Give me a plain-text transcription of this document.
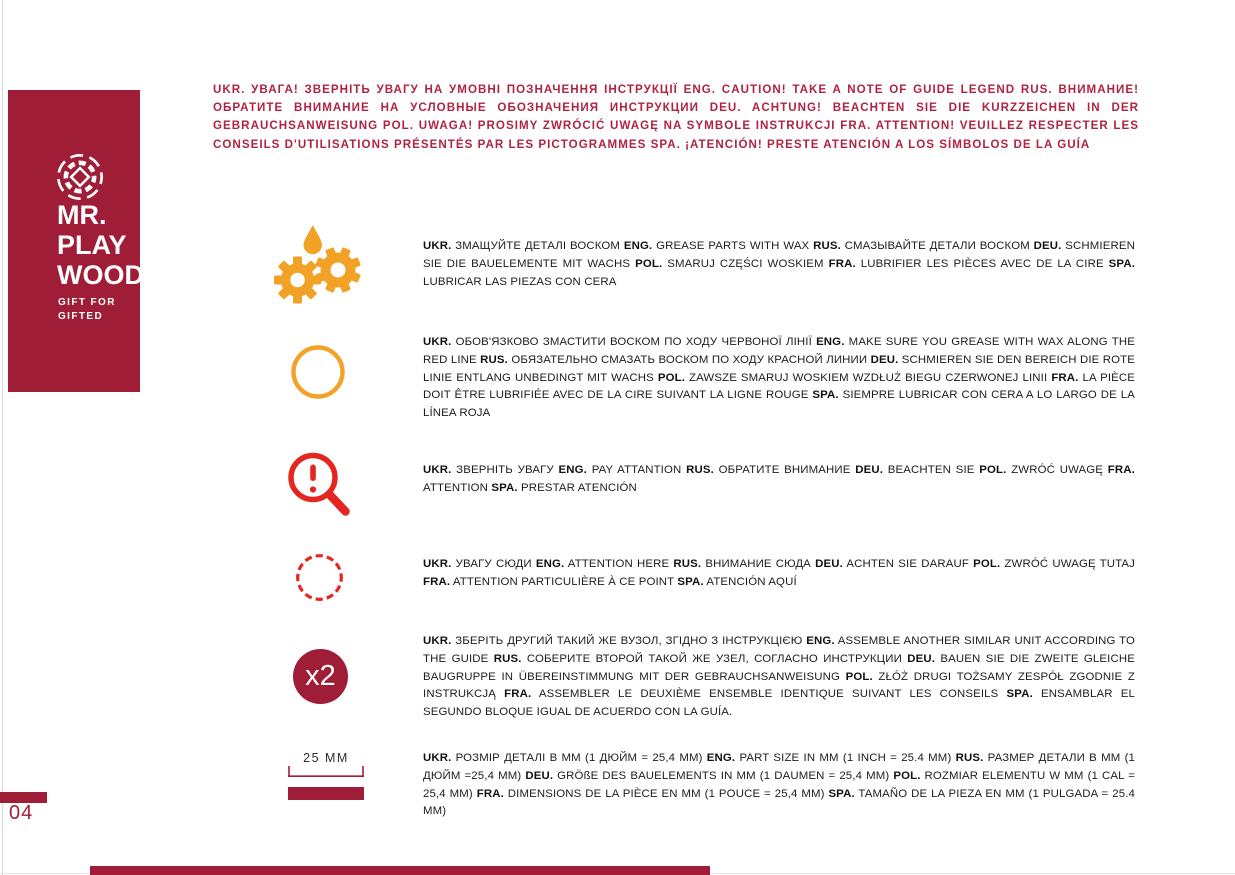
MR.
PLAY
WOOD
GIFT FOR
GIFTED

UKR. УВАГА! ЗВЕРНІТЬ УВАГУ НА УМОВНІ ПОЗНАЧЕННЯ ІНСТРУКЦІЇ ENG. CAUTION! TAKE A NOTE OF GUIDE LEGEND RUS. ВНИМАНИЕ! ОБРАТИТЕ ВНИМАНИЕ НА УСЛОВНЫЕ ОБОЗНАЧЕНИЯ ИНСТРУКЦИИ DEU. ACHTUNG! BEACHTEN SIE DIE KURZZEICHEN IN DER GEBRAUCHSANWEISUNG POL. UWAGA! PROSIMY ZWRÓCIĆ UWAGĘ NA SYMBOLE INSTRUKCJI FRA. ATTENTION! VEUILLEZ RESPECTER LES CONSEILS D'UTILISATIONS PRÉSENTÉS PAR LES PICTOGRAMMES SPA. ¡ATENCIÓN! PRESTE ATENCIÓN A LOS SÍMBOLOS DE LA GUÍA

UKR. ЗМАЩУЙТЕ ДЕТАЛІ ВОСКОМ ENG. GREASE PARTS WITH WAX RUS. СМАЗЫВАЙТЕ ДЕТАЛИ ВОСКОМ DEU. SCHMIEREN SIE DIE BAUELEMENTE MIT WACHS POL. SMARUJ CZĘŚCI WOSKIEM FRA. LUBRIFIER LES PIÈCES AVEC DE LA CIRE SPA. LUBRICAR LAS PIEZAS CON CERA

UKR. ОБОВ'ЯЗКОВО ЗМАСТИТИ ВОСКОМ ПО ХОДУ ЧЕРВОНОЇ ЛІНІЇ ENG. MAKE SURE YOU GREASE WITH WAX ALONG THE RED LINE RUS. ОБЯЗАТЕЛЬНО СМАЗАТЬ ВОСКОМ ПО ХОДУ КРАСНОЙ ЛИНИИ DEU. SCHMIEREN SIE DEN BEREICH DIE ROTE LINIE ENTLANG UNBEDINGT MIT WACHS POL. ZAWSZE SMARUJ WOSKIEM WZDŁUŻ BIEGU CZERWONEJ LINII FRA. LA PIÈCE DOIT ÊTRE LUBRIFIÉE AVEC DE LA CIRE SUIVANT LA LIGNE ROUGE SPA. SIEMPRE LUBRICAR CON CERA A LO LARGO DE LA LÍNEA ROJA

UKR. ЗВЕРНІТЬ УВАГУ ENG. PAY ATTANTION RUS. ОБРАТИТЕ ВНИМАНИЕ DEU. BEACHTEN SIE POL. ZWRÓĆ UWAGĘ FRA. ATTENTION SPA. PRESTAR ATENCIÓN

UKR. УВАГУ СЮДИ ENG. ATTENTION HERE RUS. ВНИМАНИЕ СЮДА DEU. ACHTEN SIE DARAUF POL. ZWRÓĆ UWAGĘ TUTAJ FRA. ATTENTION PARTICULIÈRE À CE POINT SPA. ATENCIÓN AQUÍ

x2

UKR. ЗБЕРІТЬ ДРУГИЙ ТАКИЙ ЖЕ ВУЗОЛ, ЗГІДНО З ІНСТРУКЦІЄЮ ENG. ASSEMBLE ANOTHER SIMILAR UNIT ACCORDING TO THE GUIDE RUS. СОБЕРИТЕ ВТОРОЙ ТАКОЙ ЖЕ УЗЕЛ, СОГЛАСНО ИНСТРУКЦИИ DEU. BAUEN SIE DIE ZWEITE GLEICHE BAUGRUPPE IN ÜBEREINSTIMMUNG MIT DER GEBRAUCHSANWEISUNG POL. ZŁÓŻ DRUGI TOŻSAMY ZESPÓŁ ZGODNIE Z INSTRUKCJĄ FRA. ASSEMBLER LE DEUXIÈME ENSEMBLE IDENTIQUE SUIVANT LES CONSEILS SPA. ENSAMBLAR EL SEGUNDO BLOQUE IGUAL DE ACUERDO CON LA GUÍA.

25 MM	UKR. РОЗМІР ДЕТАЛІ В ММ (1 ДЮЙМ = 25,4 ММ) ENG. PART SIZE IN MM (1 INCH = 25.4 MM) RUS. РАЗМЕР ДЕТАЛИ В ММ (1 ДЮЙМ =25,4 ММ) DEU. GRÖßE DES BAUELEMENTS IN MM (1 DAUMEN = 25,4 MM) POL. ROZMIAR ELEMENTU W MM (1 CAL = 25,4 MM) FRA. DIMENSIONS DE LA PIÈCE EN MM (1 POUCE = 25,4 MM) SPA. TAMAÑO DE LA PIEZA EN MM (1 PULGADA = 25.4 MM)

04
